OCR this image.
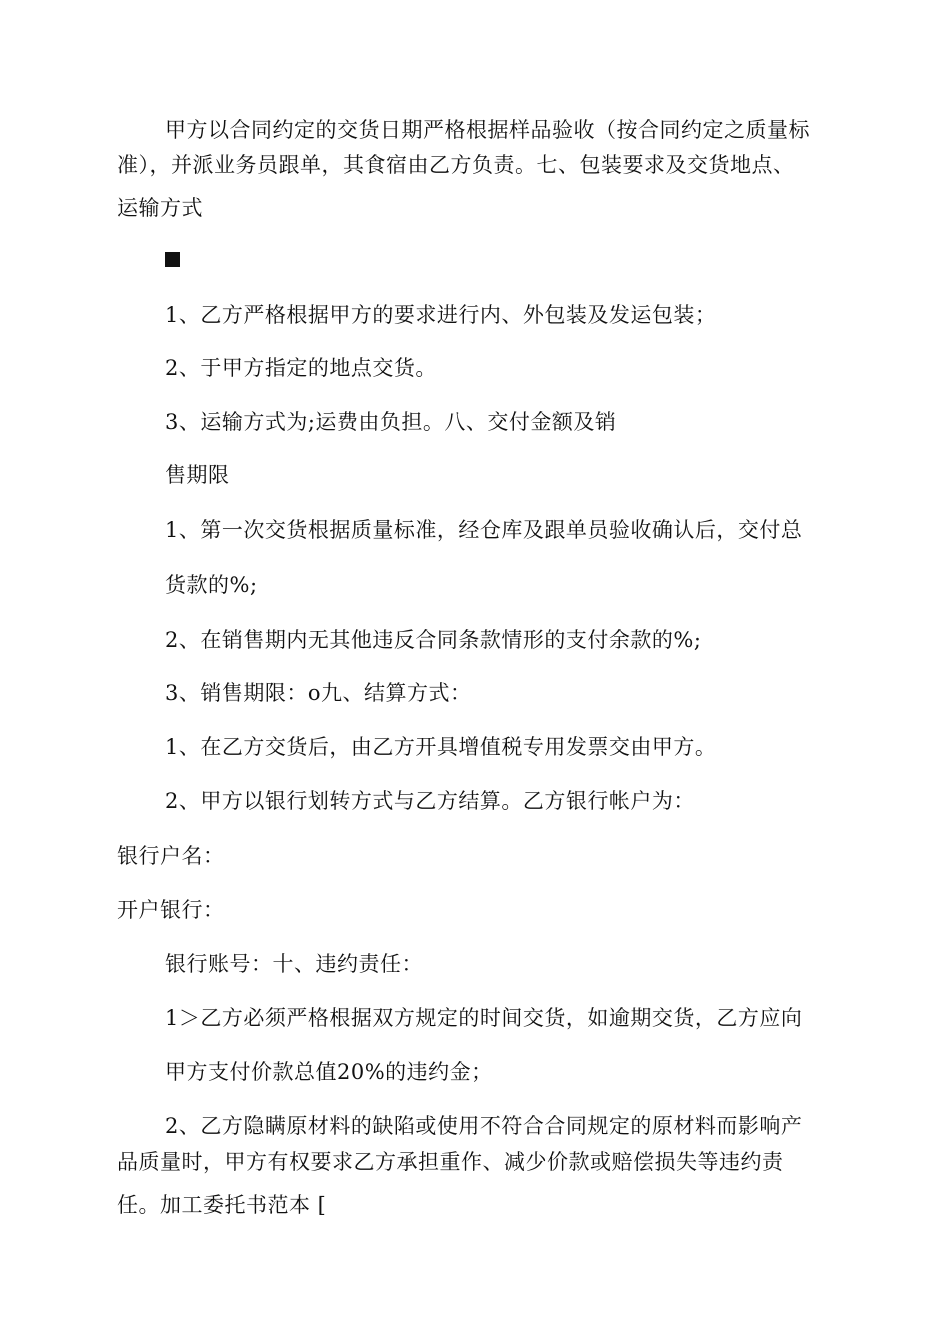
甲方以合同约定的交货日期严格根据样品验收（按合同约定之质量标
准），并派业务员跟单，其食宿由乙方负责。七、包装要求及交货地点、
运输方式
1、乙方严格根据甲方的要求进行内、外包装及发运包装；
2、于甲方指定的地点交货。
3、运输方式为;运费由负担。八、交付金额及销
售期限
1、第一次交货根据质量标准，经仓库及跟单员验收确认后，交付总
货款的%;
2、在销售期内无其他违反合同条款情形的支付余款的%;
3、销售期限：o九、结算方式：
1、在乙方交货后，由乙方开具增值税专用发票交由甲方。
2、甲方以银行划转方式与乙方结算。乙方银行帐户为：
银行户名：
开户银行：
银行账号：十、违约责任：
1＞乙方必须严格根据双方规定的时间交货，如逾期交货，乙方应向
甲方支付价款总值20%的违约金；
2、乙方隐瞒原材料的缺陷或使用不符合合同规定的原材料而影响产
品质量时，甲方有权要求乙方承担重作、减少价款或赔偿损失等违约责
任。加工委托书范本 [
